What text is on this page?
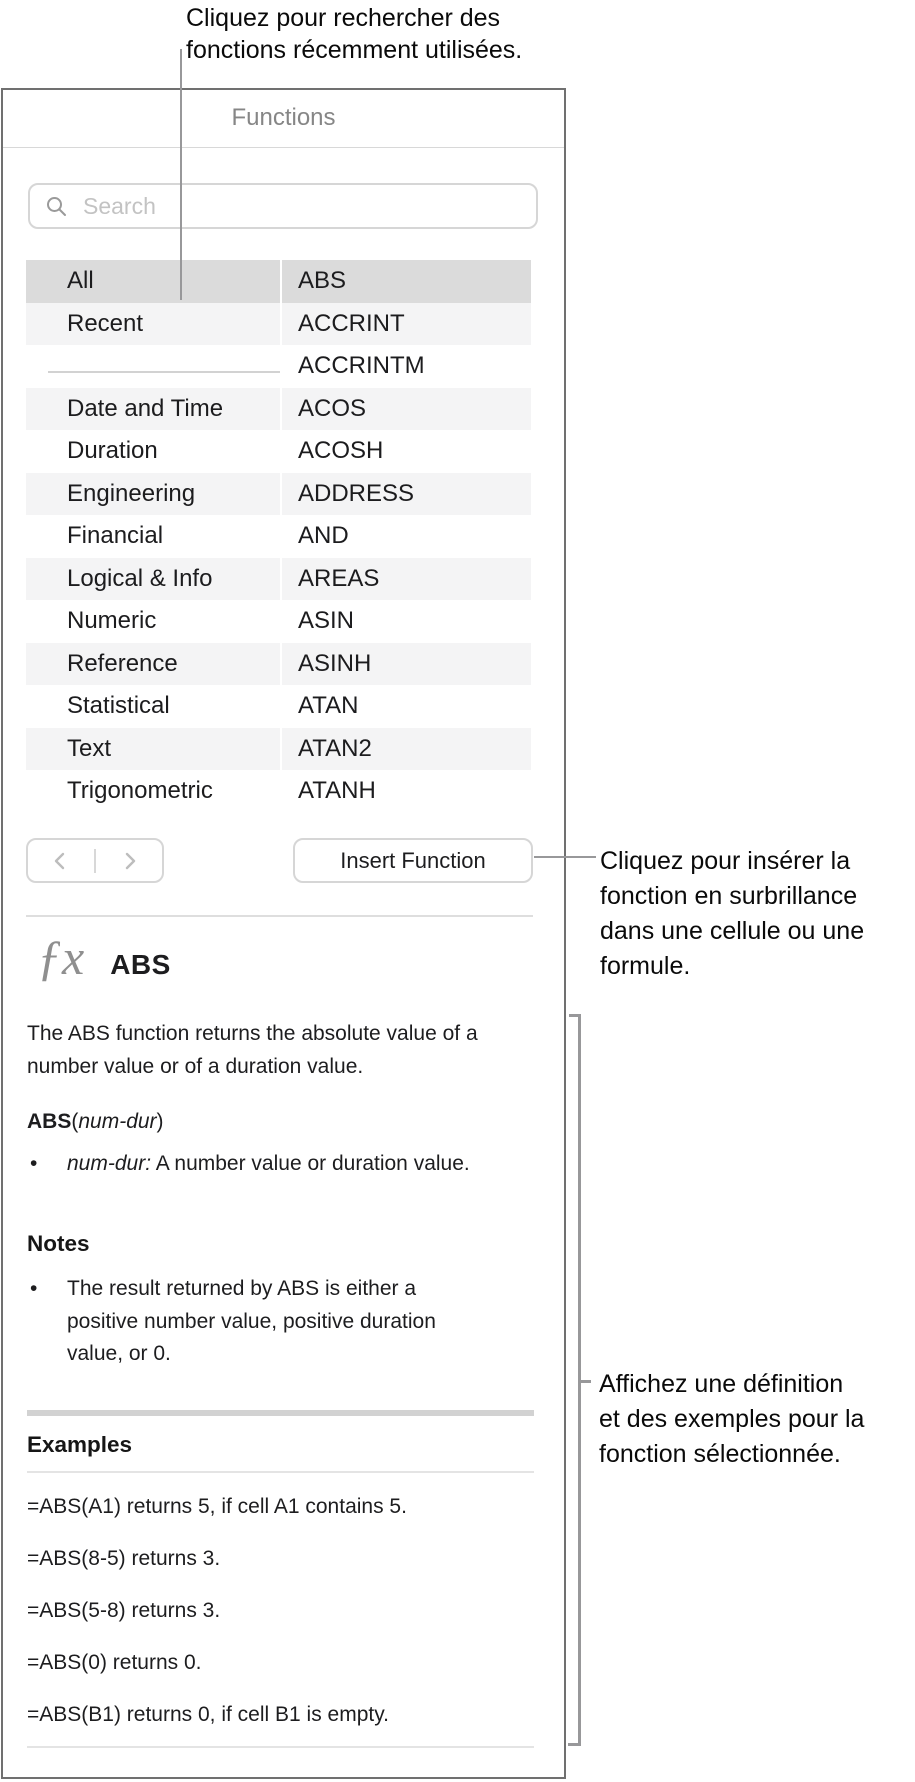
Cliquez pour rechercher des
fonctions récemment utilisées.
Functions
Search
All
Recent
Date and Time
Duration
Engineering
Financial
Logical & Info
Numeric
Reference
Statistical
Text
Trigonometric
ABS
ACCRINT
ACCRINTM
ACOS
ACOSH
ADDRESS
AND
AREAS
ASIN
ASINH
ATAN
ATAN2
ATANH
Insert Function
ƒx ABS

The ABS function returns the absolute value of a number value or of a duration value.

ABS(num-dur)

•	num-dur: A number value or duration value.
Notes
•	The result returned by ABS is either a positive number value, positive duration value, or 0.
Examples
=ABS(A1) returns 5, if cell A1 contains 5.
=ABS(8-5) returns 3.
=ABS(5-8) returns 3.
=ABS(0) returns 0.
=ABS(B1) returns 0, if cell B1 is empty.
Cliquez pour insérer la
fonction en surbrillance
dans une cellule ou une
formule.
Affichez une définition
et des exemples pour la
fonction sélectionnée.
